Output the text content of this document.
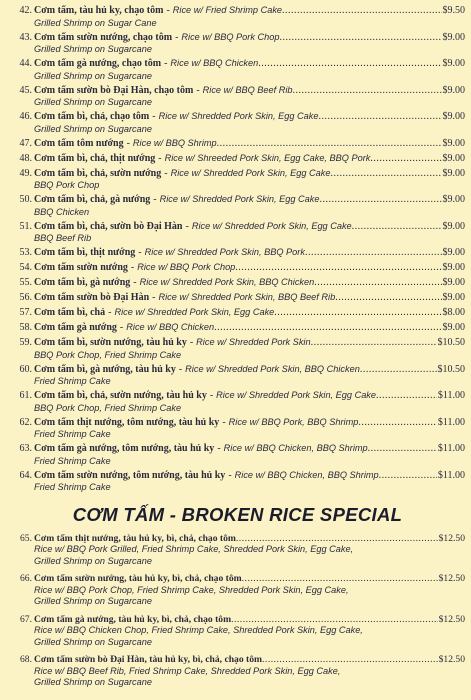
42. Cơm tấm, tàu hủ ky, chạo tôm - Rice w/ Fried Shrimp Cake .....	$9.50
Grilled Shrimp on Sugar Cane
43. Cơm tấm sườn nướng, chạo tôm - Rice w/ BBQ Pork Chop .....	$9.00
Grilled Shrimp on Sugarcane
44. Cơm tấm gà nướng, chạo tôm - Rice w/ BBQ Chicken .....	$9.00
Grilled Shrimp on Sugarcane
45. Cơm tấm sườn bò Đại Hàn, chạo tôm - Rice w/ BBQ Beef Rib .....	$9.00
Grilled Shrimp on Sugarcane
46. Cơm tấm bì, chả, chạo tôm - Rice w/ Shredded Pork Skin, Egg Cake .....	$9.00
Grilled Shrimp on Sugarcane
47. Cơm tấm tôm nướng - Rice w/ BBQ Shrimp .....	$9.00
48. Cơm tấm bì, chả, thịt nướng - Rice w/ Shreeded Pork Skin, Egg Cake, BBQ Pork .....	$9.00
49. Cơm tấm bì, chả, sườn nướng - Rice w/ Shredded Pork Skin, Egg Cake .....	$9.00
BBQ Pork Chop
50. Cơm tấm bì, chả, gà nướng - Rice w/ Shredded Pork Skin, Egg Cake .....	$9.00
BBQ Chicken
51. Cơm tấm bì, chả, sườn bò Đại Hàn - Rice w/ Shredded Pork Skin, Egg Cake .....	$9.00
BBQ Beef Rib
53. Cơm tấm bì, thịt nướng - Rice w/ Shredded Pork Skin, BBQ Pork .....	$9.00
54. Cơm tấm sườn nướng - Rice w/ BBQ Pork Chop .....	$9.00
55. Cơm tấm bì, gà nướng - Rice w/ Shredded Pork Skin, BBQ Chicken .....	$9.00
56. Cơm tấm sườn bò Đại Hàn - Rice w/ Shredded Pork Skin, BBQ Beef Rib .....	$9.00
57. Cơm tấm bì, chả - Rice w/ Shredded Pork Skin, Egg Cake .....	$8.00
58. Cơm tấm gà nướng - Rice w/ BBQ Chicken .....	$9.00
59. Cơm tấm bì, sườn nướng, tàu hủ ky - Rice w/ Shredded Pork Skin .....	$10.50
BBQ Pork Chop, Fried Shrimp Cake
60. Cơm tấm bì, gà nướng, tàu hủ ky - Rice w/ Shredded Pork Skin, BBQ Chicken .....	$10.50
Fried Shrimp Cake
61. Cơm tấm bì, chả, sườn nướng, tàu hủ ky - Rice w/ Shredded Pork Skin, Egg Cake .....	$11.00
BBQ Pork Chop, Fried Shrimp Cake
62. Cơm tấm thịt nướng, tôm nướng, tàu hủ ky - Rice w/ BBQ Pork, BBQ Shrimp .....	$11.00
Fried Shrimp Cake
63. Cơm tấm gà nướng, tôm nướng, tàu hủ ky - Rice w/ BBQ Chicken, BBQ Shrimp .....	$11.00
Fried Shrimp Cake
64. Cơm tấm sườn nướng, tôm nướng, tàu hủ ky - Rice w/ BBQ Chicken, BBQ Shrimp .....	$11.00
Fried Shrimp Cake
CƠM TẤM - BROKEN RICE SPECIAL
65. Cơm tấm thịt nướng, tàu hủ ky, bì, chả, chạo tôm .....	$12.50
Rice w/ BBQ Pork Grilled, Fried Shrimp Cake, Shredded Pork Skin, Egg Cake,
Grilled Shrimp on Sugarcane
66. Cơm tấm sườn nướng, tàu hủ ky, bì, chả, chạo tôm .....	$12.50
Rice w/ BBQ Pork Chop, Fried Shrimp Cake, Shredded Pork Skin, Egg Cake,
Grilled Shrimp on Sugarcane
67. Cơm tấm gà nướng, tàu hủ ky, bì, chả, chạo tôm .....	$12.50
Rice w/ BBQ Chicken Chop, Fried Shrimp Cake, Shredded Pork Skin, Egg Cake,
Grilled Shrimp on Sugarcane
68. Cơm tấm sườn bò Đại Hàn, tàu hủ ky, bì, chả, chạo tôm .....	$12.50
Rice w/ BBQ Beef Rib, Fried Shrimp Cake, Shredded Pork Skin, Egg Cake,
Grilled Shrimp on Sugarcane
